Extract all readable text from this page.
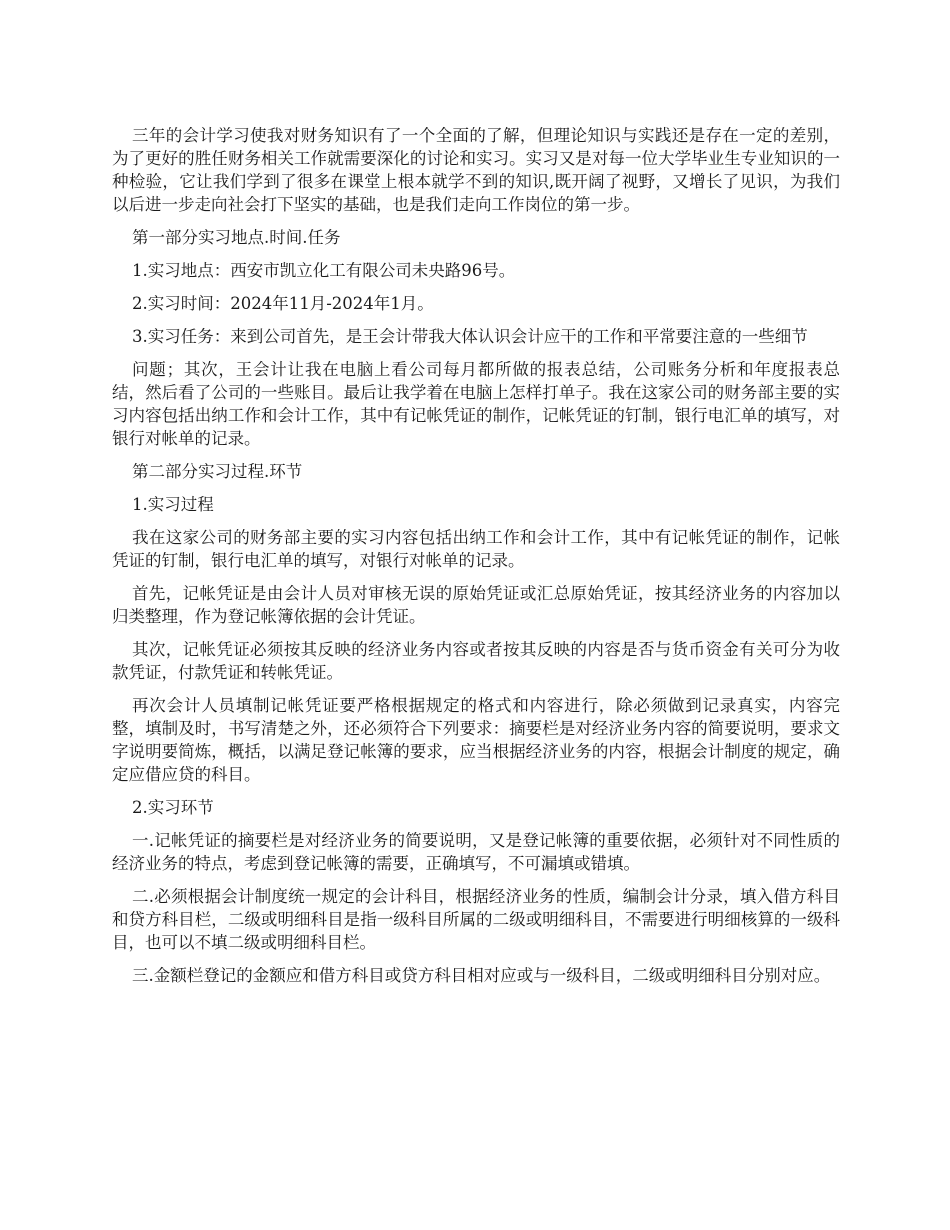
三年的会计学习使我对财务知识有了一个全面的了解，但理论知识与实践还是存在一定的差别，为了更好的胜任财务相关工作就需要深化的讨论和实习。实习又是对每一位大学毕业生专业知识的一种检验，它让我们学到了很多在课堂上根本就学不到的知识,既开阔了视野，又增长了见识，为我们以后进一步走向社会打下坚实的基础，也是我们走向工作岗位的第一步。

第一部分实习地点.时间.任务

1.实习地点：西安市凯立化工有限公司未央路96号。

2.实习时间：2024年11月-2024年1月。

3.实习任务：来到公司首先，是王会计带我大体认识会计应干的工作和平常要注意的一些细节

问题；其次，王会计让我在电脑上看公司每月都所做的报表总结，公司账务分析和年度报表总结，然后看了公司的一些账目。最后让我学着在电脑上怎样打单子。我在这家公司的财务部主要的实习内容包括出纳工作和会计工作，其中有记帐凭证的制作，记帐凭证的钉制，银行电汇单的填写，对银行对帐单的记录。

第二部分实习过程.环节

1.实习过程

我在这家公司的财务部主要的实习内容包括出纳工作和会计工作，其中有记帐凭证的制作，记帐凭证的钉制，银行电汇单的填写，对银行对帐单的记录。

首先，记帐凭证是由会计人员对审核无误的原始凭证或汇总原始凭证，按其经济业务的内容加以归类整理，作为登记帐簿依据的会计凭证。

其次，记帐凭证必须按其反映的经济业务内容或者按其反映的内容是否与货币资金有关可分为收款凭证，付款凭证和转帐凭证。

再次会计人员填制记帐凭证要严格根据规定的格式和内容进行，除必须做到记录真实，内容完整，填制及时，书写清楚之外，还必须符合下列要求：摘要栏是对经济业务内容的简要说明，要求文字说明要简炼，概括，以满足登记帐簿的要求，应当根据经济业务的内容，根据会计制度的规定，确定应借应贷的科目。

2.实习环节

一.记帐凭证的摘要栏是对经济业务的简要说明，又是登记帐簿的重要依据，必须针对不同性质的经济业务的特点，考虑到登记帐簿的需要，正确填写，不可漏填或错填。

二.必须根据会计制度统一规定的会计科目，根据经济业务的性质，编制会计分录，填入借方科目和贷方科目栏，二级或明细科目是指一级科目所属的二级或明细科目，不需要进行明细核算的一级科目，也可以不填二级或明细科目栏。

三.金额栏登记的金额应和借方科目或贷方科目相对应或与一级科目，二级或明细科目分别对应。
